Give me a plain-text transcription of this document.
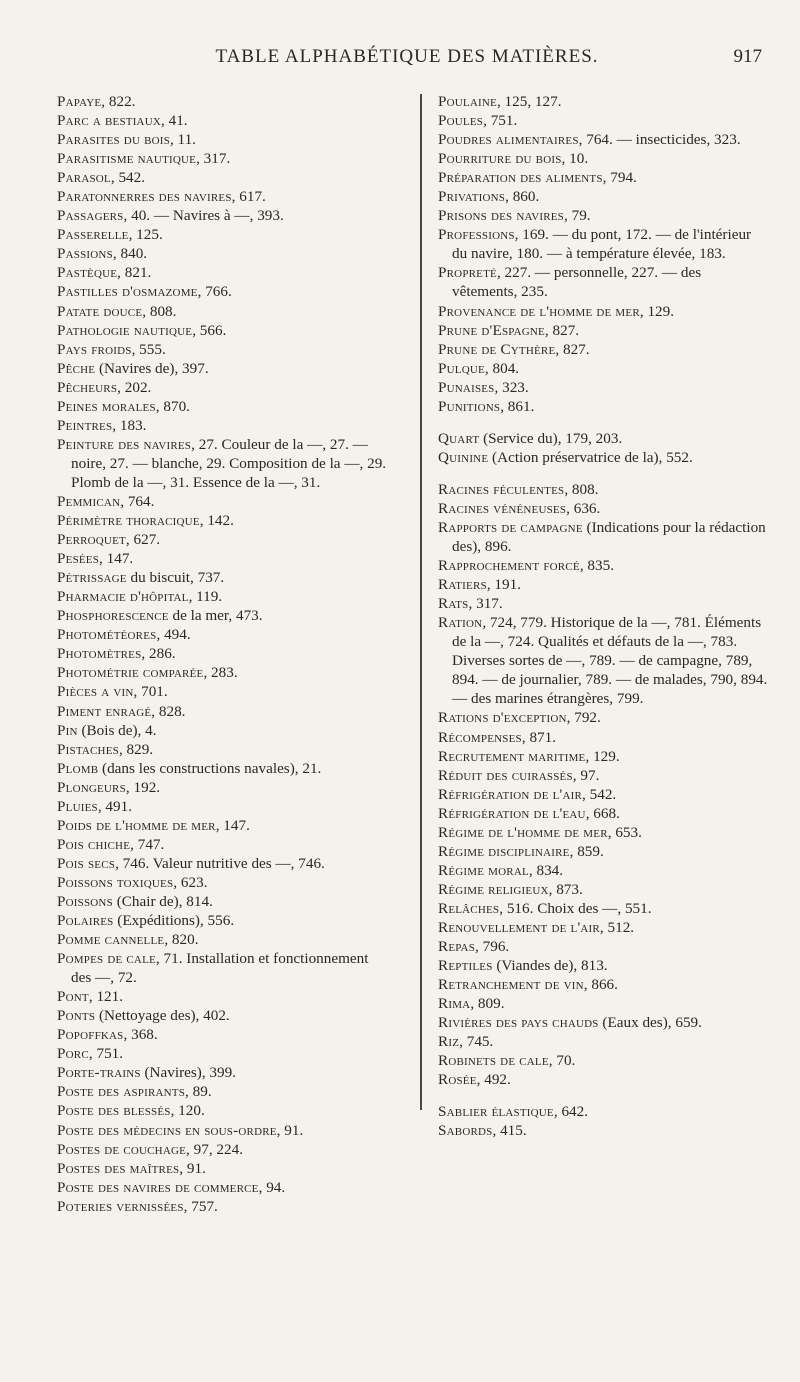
TABLE ALPHABÉTIQUE DES MATIÈRES.	917

Papaye, 822.

Parc a bestiaux, 41.

Parasites du bois, 11.

Parasitisme nautique, 317.

Parasol, 542.

Paratonnerres des navires, 617.

Passagers, 40. — Navires à —, 393.

Passerelle, 125.

Passions, 840.

Pastèque, 821.

Pastilles d'osmazome, 766.

Patate douce, 808.

Pathologie nautique, 566.

Pays froids, 555.

Pêche (Navires de), 397.

Pêcheurs, 202.

Peines morales, 870.

Peintres, 183.

Peinture des navires, 27. Couleur de la —, 27. — noire, 27. — blanche, 29. Composition de la —, 29. Plomb de la —, 31. Essence de la —, 31.

Pemmican, 764.

Périmètre thoracique, 142.

Perroquet, 627.

Pesées, 147.

Pétrissage du biscuit, 737.

Pharmacie d'hôpital, 119.

Phosphorescence de la mer, 473.

Photométéores, 494.

Photomètres, 286.

Photométrie comparée, 283.

Pièces a vin, 701.

Piment enragé, 828.

Pin (Bois de), 4.

Pistaches, 829.

Plomb (dans les constructions navales), 21.

Plongeurs, 192.

Pluies, 491.

Poids de l'homme de mer, 147.

Pois chiche, 747.

Pois secs, 746. Valeur nutritive des —, 746.

Poissons toxiques, 623.

Poissons (Chair de), 814.

Polaires (Expéditions), 556.

Pomme cannelle, 820.

Pompes de cale, 71. Installation et fonctionnement des —, 72.

Pont, 121.

Ponts (Nettoyage des), 402.

Popoffkas, 368.

Porc, 751.

Porte-trains (Navires), 399.

Poste des aspirants, 89.

Poste des blessés, 120.

Poste des médecins en sous-ordre, 91.

Postes de couchage, 97, 224.

Postes des maîtres, 91.

Poste des navires de commerce, 94.

Poteries vernissées, 757.

Poulaine, 125, 127.

Poules, 751.

Poudres alimentaires, 764. — insecticides, 323.

Pourriture du bois, 10.

Préparation des aliments, 794.

Privations, 860.

Prisons des navires, 79.

Professions, 169. — du pont, 172. — de l'intérieur du navire, 180. — à température élevée, 183.

Propreté, 227. — personnelle, 227. — des vêtements, 235.

Provenance de l'homme de mer, 129.

Prune d'Espagne, 827.

Prune de Cythère, 827.

Pulque, 804.

Punaises, 323.

Punitions, 861.

Quart (Service du), 179, 203.

Quinine (Action préservatrice de la), 552.

Racines féculentes, 808.

Racines vénéneuses, 636.

Rapports de campagne (Indications pour la rédaction des), 896.

Rapprochement forcé, 835.

Ratiers, 191.

Rats, 317.

Ration, 724, 779. Historique de la —, 781. Éléments de la —, 724. Qualités et défauts de la —, 783. Diverses sortes de —, 789. — de campagne, 789, 894. — de journalier, 789. — de malades, 790, 894. — des marines étrangères, 799.

Rations d'exception, 792.

Récompenses, 871.

Recrutement maritime, 129.

Réduit des cuirassés, 97.

Réfrigération de l'air, 542.

Réfrigération de l'eau, 668.

Régime de l'homme de mer, 653.

Régime disciplinaire, 859.

Régime moral, 834.

Régime religieux, 873.

Relâches, 516. Choix des —, 551.

Renouvellement de l'air, 512.

Repas, 796.

Reptiles (Viandes de), 813.

Retranchement de vin, 866.

Rima, 809.

Rivières des pays chauds (Eaux des), 659.

Riz, 745.

Robinets de cale, 70.

Rosée, 492.

Sablier élastique, 642.

Sabords, 415.
